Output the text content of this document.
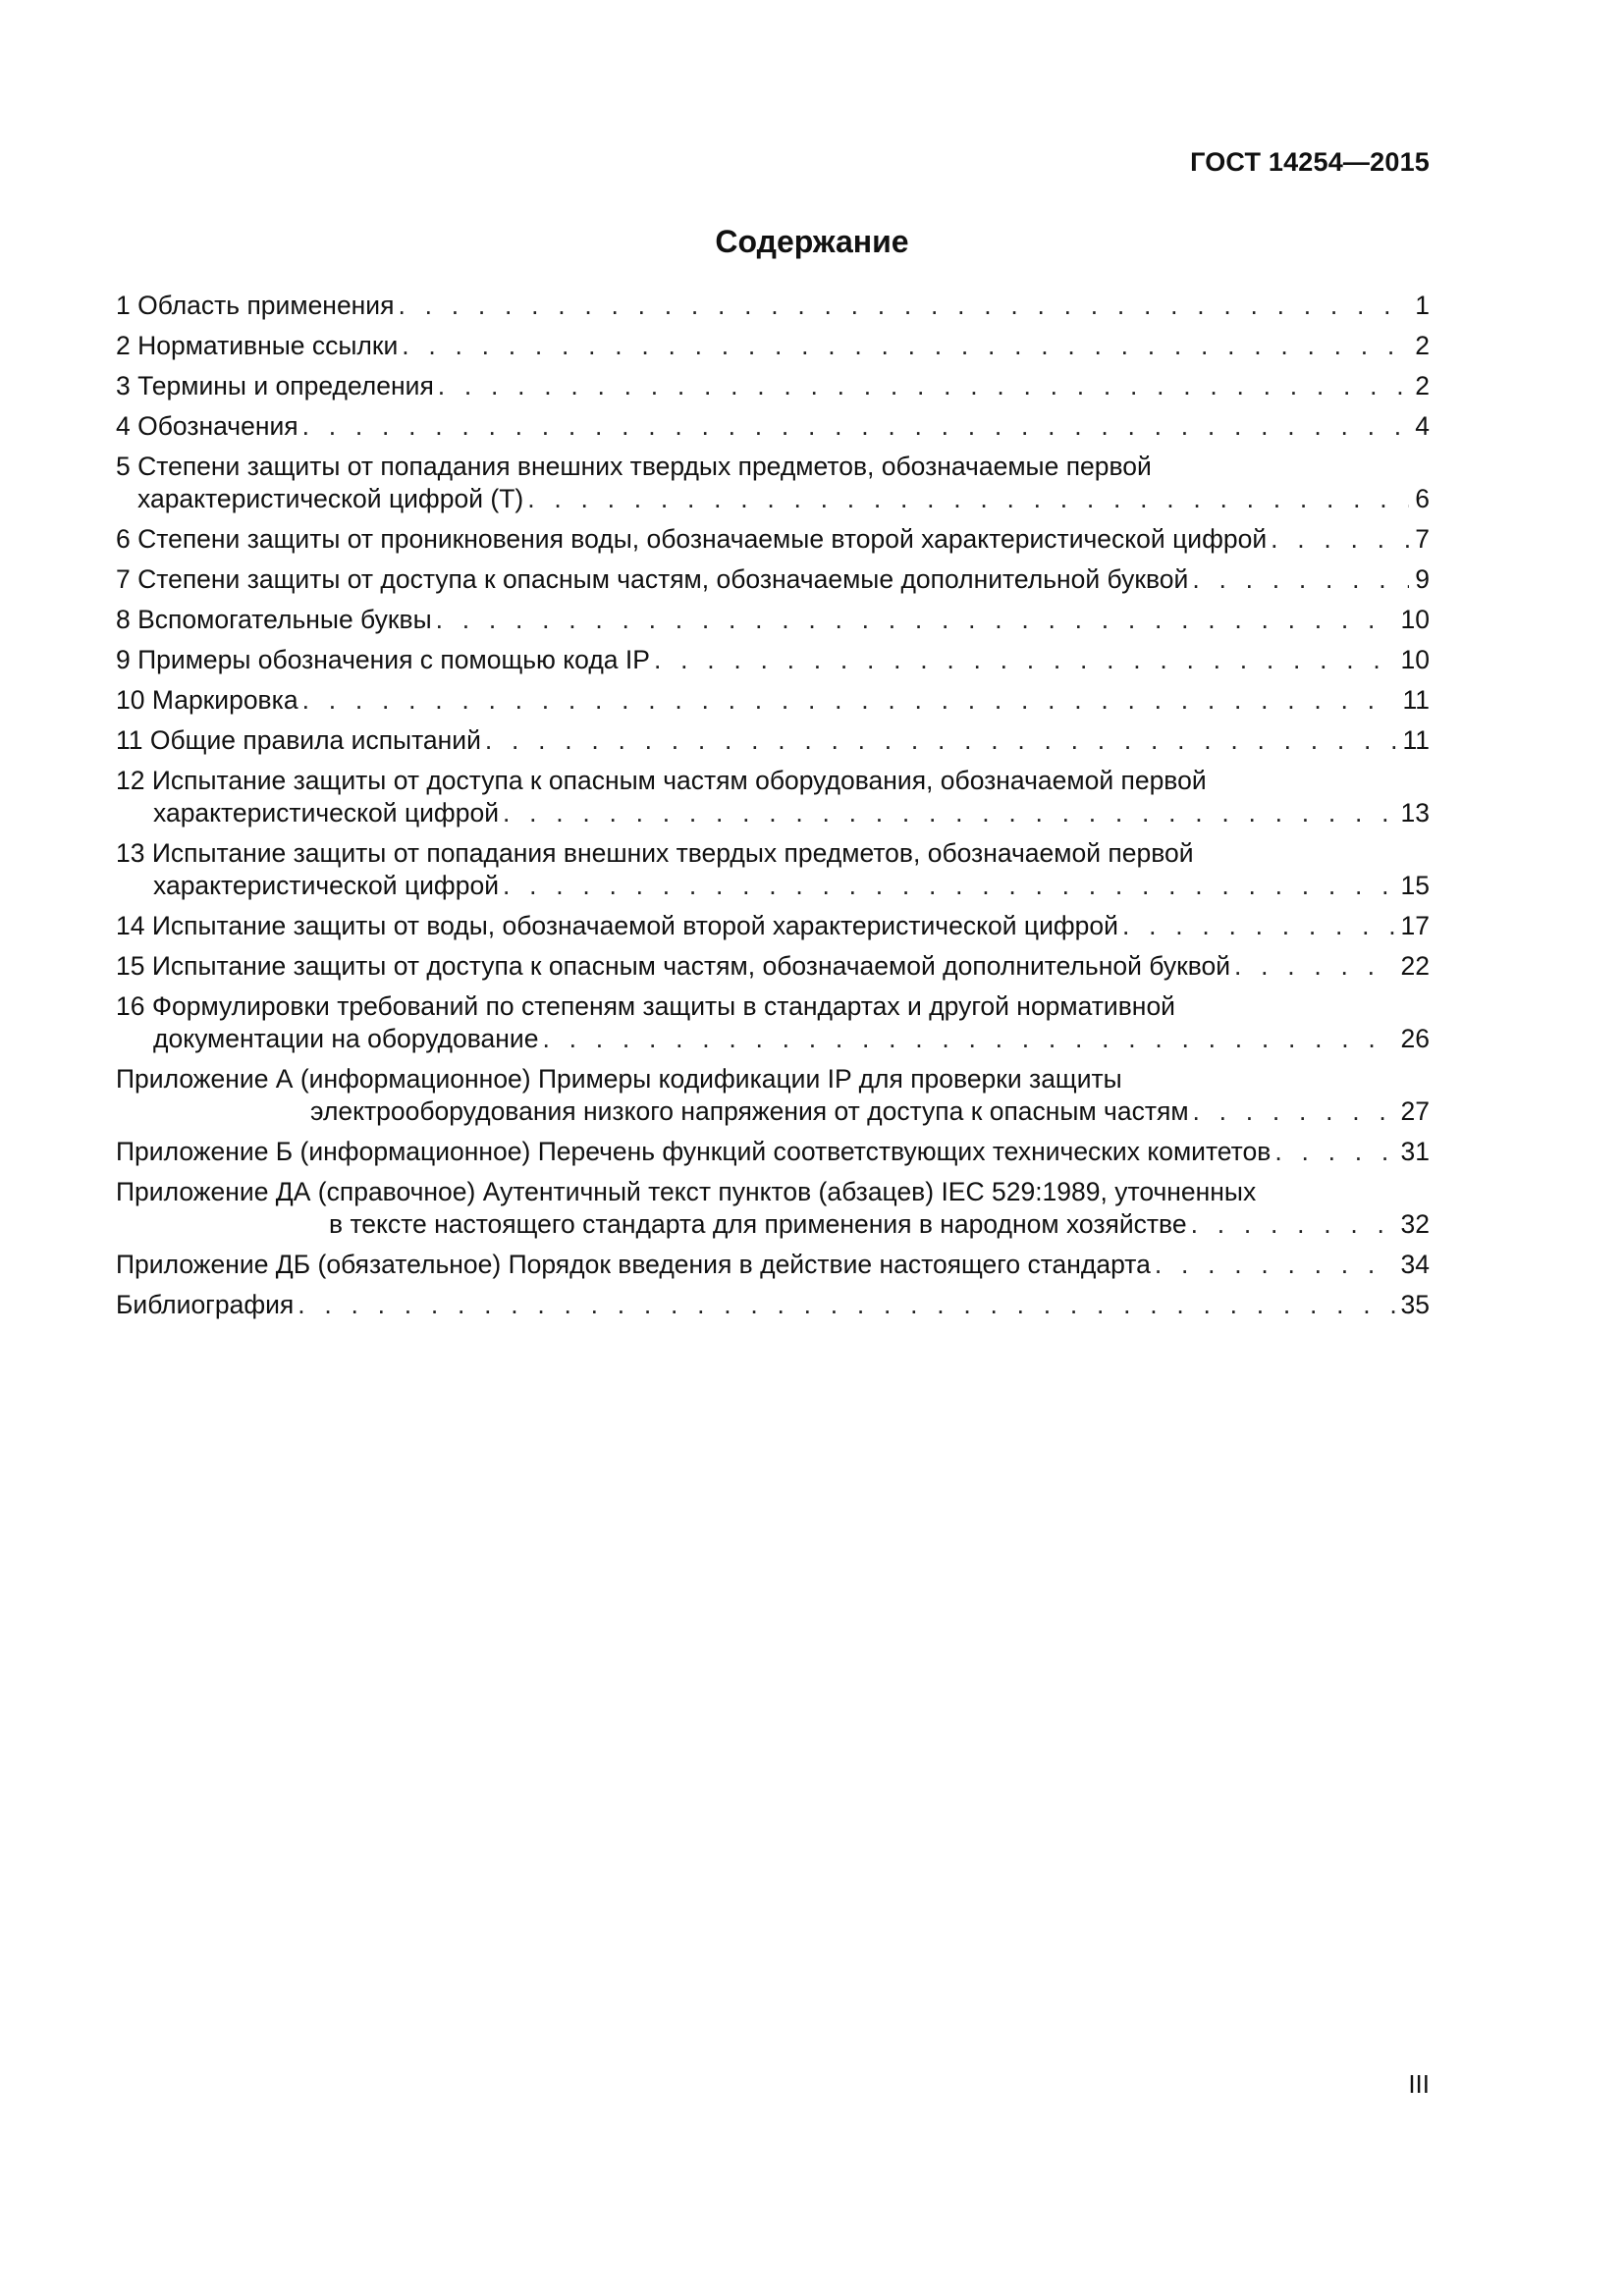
ГОСТ 14254—2015
Содержание
1 Область применения . . .	1
2 Нормативные ссылки . . .	2
3 Термины и определения . . .	2
4 Обозначения . . .	4
5 Степени защиты от попадания внешних твердых предметов, обозначаемые первой
характеристической цифрой (Т) . . .	6
6 Степени защиты от проникновения воды, обозначаемые второй характеристической цифрой . . .	7
7 Степени защиты от доступа к опасным частям, обозначаемые дополнительной буквой . . .	9
8 Вспомогательные буквы . . .	10
9 Примеры обозначения с помощью кода IP . . .	10
10 Маркировка . . .	11
11 Общие правила испытаний . . .	11
12 Испытание защиты от доступа к опасным частям оборудования, обозначаемой первой
характеристической цифрой . . .	13
13 Испытание защиты от попадания внешних твердых предметов, обозначаемой первой
характеристической цифрой . . .	15
14 Испытание защиты от воды, обозначаемой второй характеристической цифрой . . .	17
15 Испытание защиты от доступа к опасным частям, обозначаемой дополнительной буквой . . .	22
16 Формулировки требований по степеням защиты в стандартах и другой нормативной
документации на оборудование . . .	26
Приложение А (информационное) Примеры кодификации IP для проверки защиты
электрооборудования низкого напряжения от доступа к опасным частям . . .	27
Приложение Б (информационное) Перечень функций соответствующих технических комитетов . . .	31
Приложение ДА (справочное) Аутентичный текст пунктов (абзацев) IEC 529:1989, уточненных
в тексте настоящего стандарта для применения в народном хозяйстве . . .	32
Приложение ДБ (обязательное) Порядок введения в действие настоящего стандарта . . .	34
Библиография . . .	35
III
